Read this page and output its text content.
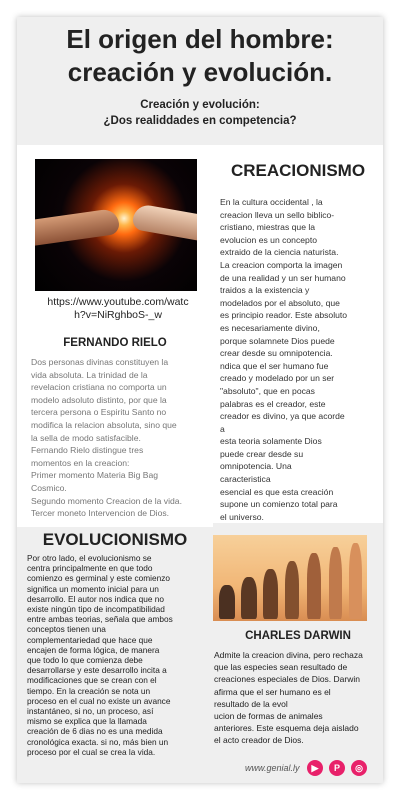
El origen del hombre:
creación y evolución.
Creación y evolución:
¿Dos realiddades en competencia?
https://www.youtube.com/watch?v=NiRghboS-_w
CREACIONISMO
En la cultura occidental , la
creacion lleva un sello biblico-
cristiano, miestras que la
evolucion es un concepto
extraido de la ciencia naturista.
La creacion comporta la imagen
de una realidad y un ser humano
traidos a la existencia y
modelados por el absoluto, que
es principio reador. Este absoluto
es necesariamente divino,
porque solamnete Dios puede
crear desde su omnipotencia.
ndica que el ser humano fue
creado y modelado por un ser
"absoluto", que en pocas
palabras es el creador, este
creador es divino, ya que acorde
a
esta teoria solamente Dios
puede crear desde su
omnipotencia. Una
caracteristica
esencial es que esta creación
supone un comienzo total para
el universo.
FERNANDO RIELO
Dos personas divinas constituyen la
vida absoluta. La trinidad de la
revelacion cristiana no comporta un
modelo adsoluto distinto, por que la
tercera persona o Espiritu Santo no
modifica la relacion absoluta, sino que
la sella de modo satisfacible.
Fernando Rielo distingue tres
momentos en la creacion:
Primer momento Materia Big Bag
Cosmico.
Segundo momento Creacion de la vida.
Tercer moneto Intervencion de Dios.
EVOLUCIONISMO
Por otro lado, el evolucionismo se
centra principalmente en que todo
comienzo es germinal y este comienzo
significa un momento inicial para un
desarrollo. El autor nos indica que no
existe ningún tipo de incompatibilidad
entre ambas teorias, señala que ambos
conceptos tienen una
complementariedad que hace que
encajen de forma lógica, de manera
que todo lo que comienza debe
desarrollarse y este desarrollo incita a
modificaciones que se crean con el
tiempo. En la creación se nota un
proceso en el cual no existe un avance
instantáneo, si no, un proceso, así
mismo se explica que la llamada
creación de 6 dias no es una medida
cronológica exacta. si no, más bien un
proceso por el cual se crea la vida.
CHARLES DARWIN
Admite la creacion divina, pero rechaza
que las especies sean resultado de
creaciones especiales de Dios. Darwin
afirma que el ser humano es el
resultado de la evol
ucion de formas de animales
anteriores. Este esquema deja aislado
el acto creador de Dios.
www.genial.ly	▶	P	◎
